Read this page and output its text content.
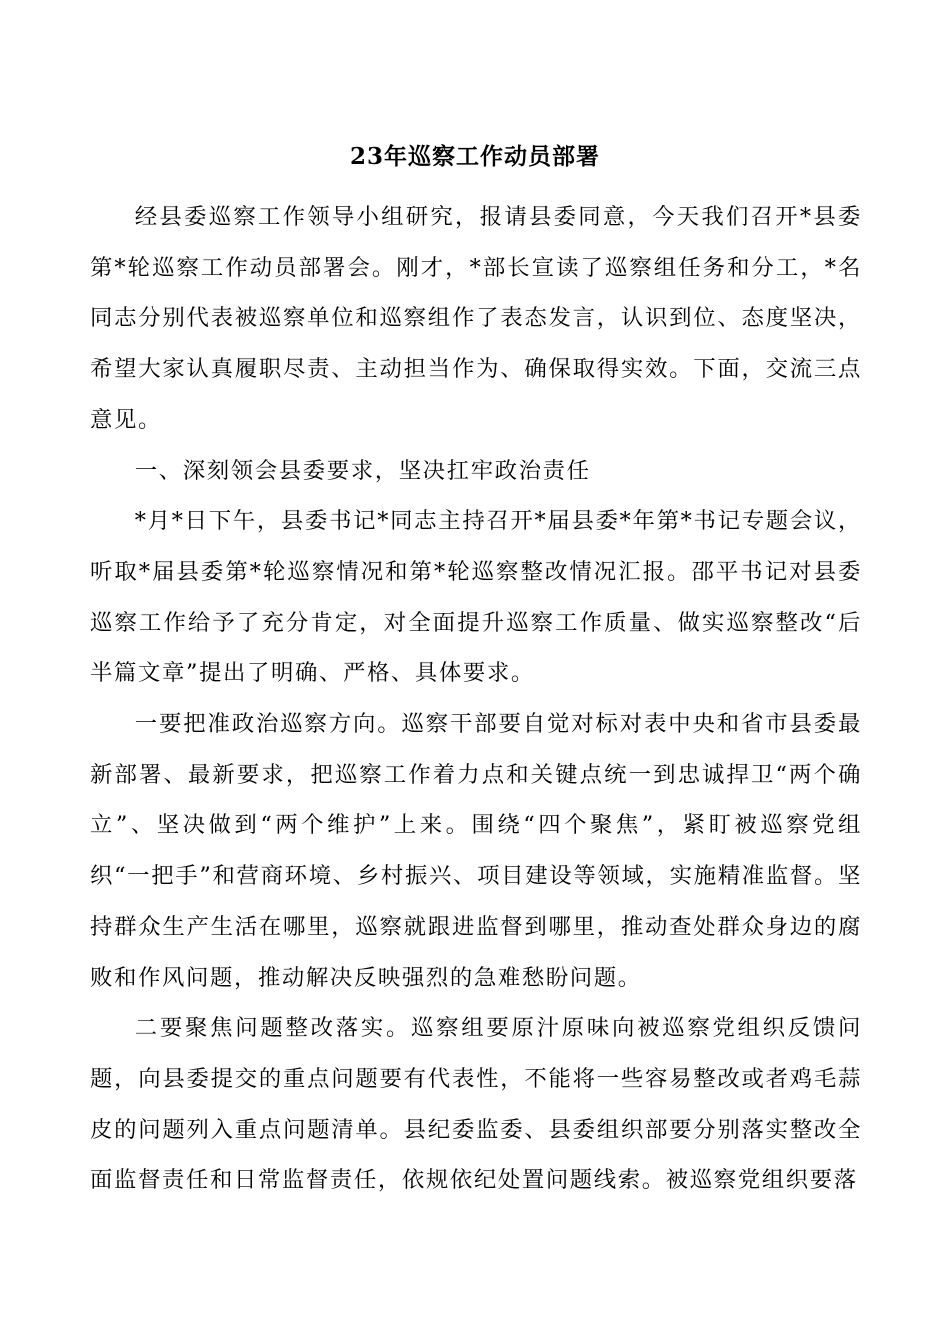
23年巡察工作动员部署

经县委巡察工作领导小组研究，报请县委同意，今天我们召开*县委第*轮巡察工作动员部署会。刚才，*部长宣读了巡察组任务和分工，*名同志分别代表被巡察单位和巡察组作了表态发言，认识到位、态度坚决，希望大家认真履职尽责、主动担当作为、确保取得实效。下面，交流三点意见。

一、深刻领会县委要求，坚决扛牢政治责任

*月*日下午，县委书记*同志主持召开*届县委*年第*书记专题会议，听取*届县委第*轮巡察情况和第*轮巡察整改情况汇报。邵平书记对县委巡察工作给予了充分肯定，对全面提升巡察工作质量、做实巡察整改“后半篇文章”提出了明确、严格、具体要求。

一要把准政治巡察方向。巡察干部要自觉对标对表中央和省市县委最新部署、最新要求，把巡察工作着力点和关键点统一到忠诚捍卫“两个确立”、坚决做到“两个维护”上来。围绕“四个聚焦”，紧盯被巡察党组织“一把手”和营商环境、乡村振兴、项目建设等领域，实施精准监督。坚持群众生产生活在哪里，巡察就跟进监督到哪里，推动查处群众身边的腐败和作风问题，推动解决反映强烈的急难愁盼问题。

二要聚焦问题整改落实。巡察组要原汁原味向被巡察党组织反馈问题，向县委提交的重点问题要有代表性，不能将一些容易整改或者鸡毛蒜皮的问题列入重点问题清单。县纪委监委、县委组织部要分别落实整改全面监督责任和日常监督责任，依规依纪处置问题线索。被巡察党组织要落
